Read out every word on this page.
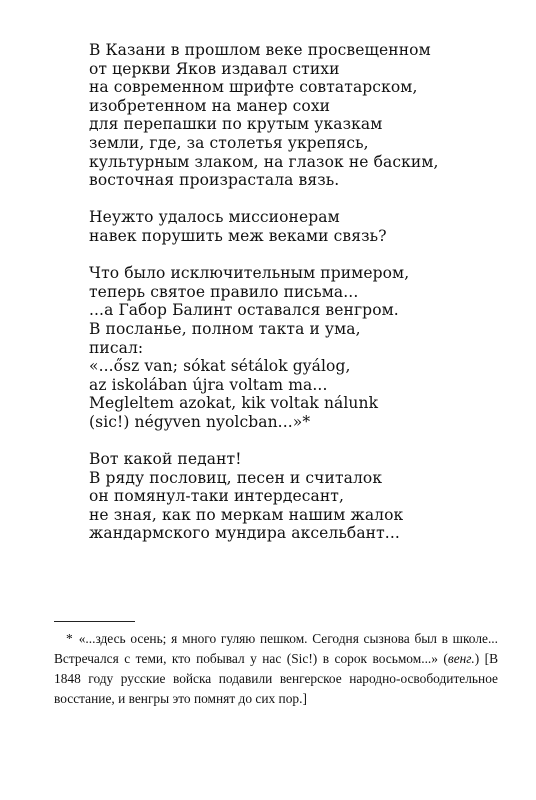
В Казани в прошлом веке просвещенном
от церкви Яков издавал стихи
на современном шрифте совтатарском,
изобретенном на манер сохи
для перепашки по крутым указкам
земли, где, за столетья укрепясь,
культурным злаком, на глазок не баским,
восточная произрастала вязь.
Неужто удалось миссионерам
навек порушить меж веками связь?
Что было исключительным примером,
теперь святое правило письма...
...а Габор Балинт оставался венгром.
В посланье, полном такта и ума,
писал:
«...ősz van; sókat sétálok gyálog,
az iskolában újra voltam ma...
Megleltem azokat, kik voltak nálunk
(sic!) négyven nyolcban...»*
Вот какой педант!
В ряду пословиц, песен и считалок
он помянул-таки интердесант,
не зная, как по меркам нашим жалок
жандармского мундира аксельбант...
* «...здесь осень; я много гуляю пешком. Сегодня сызнова был в школе... Встречался с теми, кто побывал у нас (Sic!) в сорок восьмом...» (венг.) [В 1848 году русские войска подавили венгерское народно-освободительное восстание, и венгры это помнят до сих пор.]
